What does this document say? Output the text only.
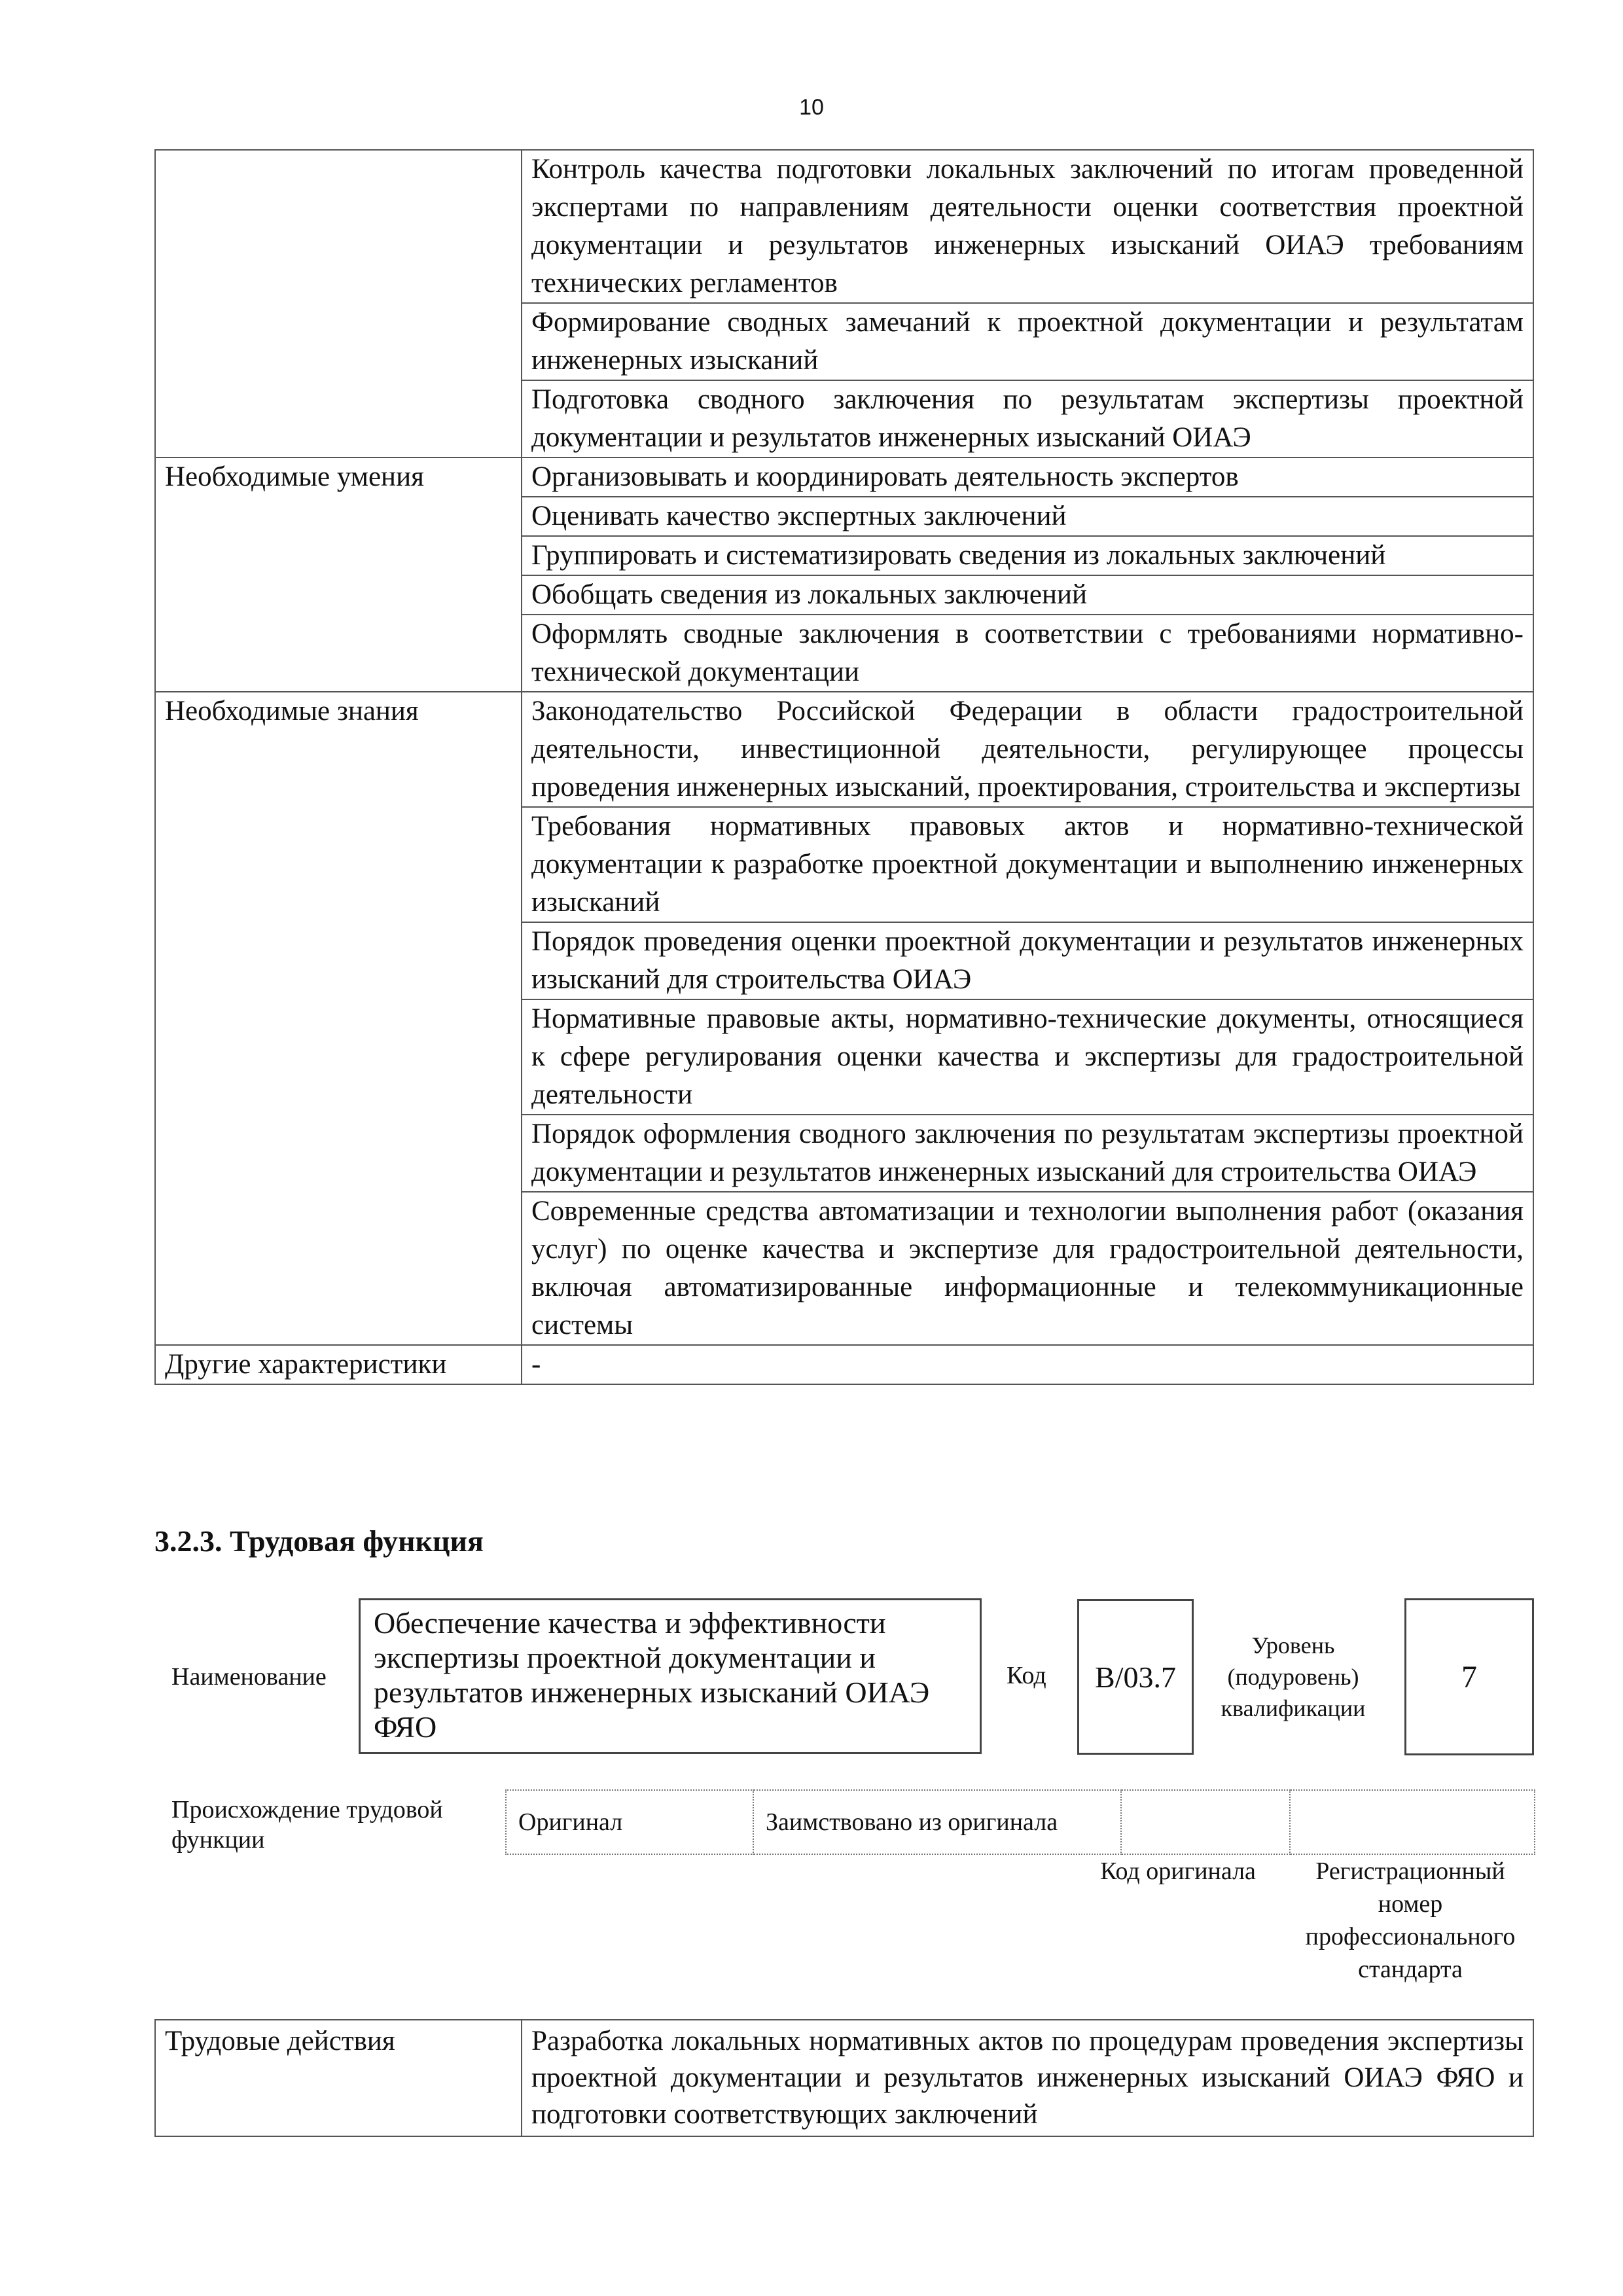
10
	Контроль качества подготовки локальных заключений по итогам проведенной экспертами по направлениям деятельности оценки соответствия проектной документации и результатов инженерных изысканий ОИАЭ требованиям технических регламентов
	Формирование сводных замечаний к проектной документации и результатам инженерных изысканий
	Подготовка сводного заключения по результатам экспертизы проектной документации и результатов инженерных изысканий ОИАЭ
Необходимые умения	Организовывать и координировать деятельность экспертов
	Оценивать качество экспертных заключений
	Группировать и систематизировать сведения из локальных заключений
	Обобщать сведения из локальных заключений
	Оформлять сводные заключения в соответствии с требованиями нормативно-технической документации
Необходимые знания	Законодательство Российской Федерации в области градостроительной деятельности, инвестиционной деятельности, регулирующее процессы проведения инженерных изысканий, проектирования, строительства и экспертизы
	Требования нормативных правовых актов и нормативно-технической документации к разработке проектной документации и выполнению инженерных изысканий
	Порядок проведения оценки проектной документации и результатов инженерных изысканий для строительства ОИАЭ
	Нормативные правовые акты, нормативно-технические документы, относящиеся к сфере регулирования оценки качества и экспертизы для градостроительной деятельности
	Порядок оформления сводного заключения по результатам экспертизы проектной документации и результатов инженерных изысканий для строительства ОИАЭ
	Современные средства автоматизации и технологии выполнения работ (оказания услуг) по оценке качества и экспертизе для градостроительной деятельности, включая автоматизированные информационные и телекоммуникационные системы
Другие характеристики	-
3.2.3. Трудовая функция
Наименование
Обеспечение качества и эффективности экспертизы проектной документации и результатов инженерных изысканий ОИАЭ ФЯО
Код	В/03.7
Уровень (подуровень) квалификации
7
Происхождение трудовой функции
Оригинал	Заимствовано из оригинала		
Код оригинала	Регистрационный номер профессионального стандарта
Трудовые действия	Разработка локальных нормативных актов по процедурам проведения экспертизы проектной документации и результатов инженерных изысканий ОИАЭ ФЯО и подготовки соответствующих заключений
